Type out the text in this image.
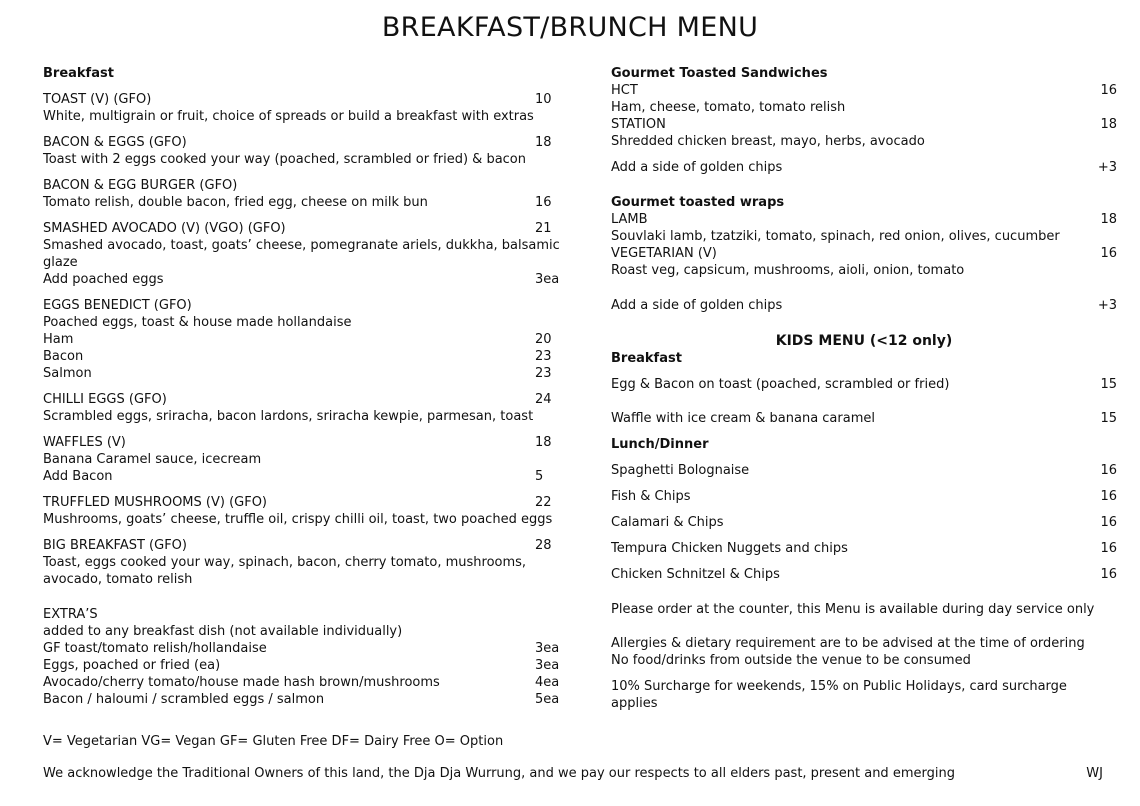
BREAKFAST/BRUNCH MENU
Breakfast
TOAST (V) (GFO)	10
White, multigrain or fruit, choice of spreads or build a breakfast with extras
BACON & EGGS (GFO)	18
Toast with 2 eggs cooked your way (poached, scrambled or fried) & bacon
BACON & EGG BURGER (GFO)
Tomato relish, double bacon, fried egg, cheese on milk bun	16
SMASHED AVOCADO (V) (VGO) (GFO)	21
Smashed avocado, toast, goats’ cheese, pomegranate ariels, dukkha, balsamic
glaze
Add poached eggs	3ea
EGGS BENEDICT (GFO)
Poached eggs, toast & house made hollandaise
Ham	20
Bacon	23
Salmon	23
CHILLI EGGS (GFO)	24
Scrambled eggs, sriracha, bacon lardons, sriracha kewpie, parmesan, toast
WAFFLES (V)	18
Banana Caramel sauce, icecream
Add Bacon	5
TRUFFLED MUSHROOMS (V) (GFO)	22
Mushrooms, goats’ cheese, truffle oil, crispy chilli oil, toast, two poached eggs
BIG BREAKFAST (GFO)	28
Toast, eggs cooked your way, spinach, bacon, cherry tomato, mushrooms,
avocado, tomato relish
EXTRA’S
added to any breakfast dish (not available individually)
GF toast/tomato relish/hollandaise	3ea
Eggs, poached or fried (ea)	3ea
Avocado/cherry tomato/house made hash brown/mushrooms	4ea
Bacon / haloumi / scrambled eggs / salmon	5ea
Gourmet Toasted Sandwiches
HCT	16
Ham, cheese, tomato, tomato relish
STATION	18
Shredded chicken breast, mayo, herbs, avocado
Add a side of golden chips	+3
Gourmet toasted wraps
LAMB	18
Souvlaki lamb, tzatziki, tomato, spinach, red onion, olives, cucumber
VEGETARIAN (V)	16
Roast veg, capsicum, mushrooms, aioli, onion, tomato
Add a side of golden chips	+3
KIDS MENU (<12 only)
Breakfast
Egg & Bacon on toast (poached, scrambled or fried)	15
Waffle with ice cream & banana caramel	15
Lunch/Dinner
Spaghetti Bolognaise	16
Fish & Chips	16
Calamari & Chips	16
Tempura Chicken Nuggets and chips	16
Chicken Schnitzel & Chips	16
Please order at the counter, this Menu is available during day service only
Allergies & dietary requirement are to be advised at the time of ordering
No food/drinks from outside the venue to be consumed
10% Surcharge for weekends, 15% on Public Holidays, card surcharge applies
V= Vegetarian VG= Vegan GF= Gluten Free DF= Dairy Free O= Option
We acknowledge the Traditional Owners of this land, the Dja Dja Wurrung, and we pay our respects to all elders past, present and emerging	WJ
